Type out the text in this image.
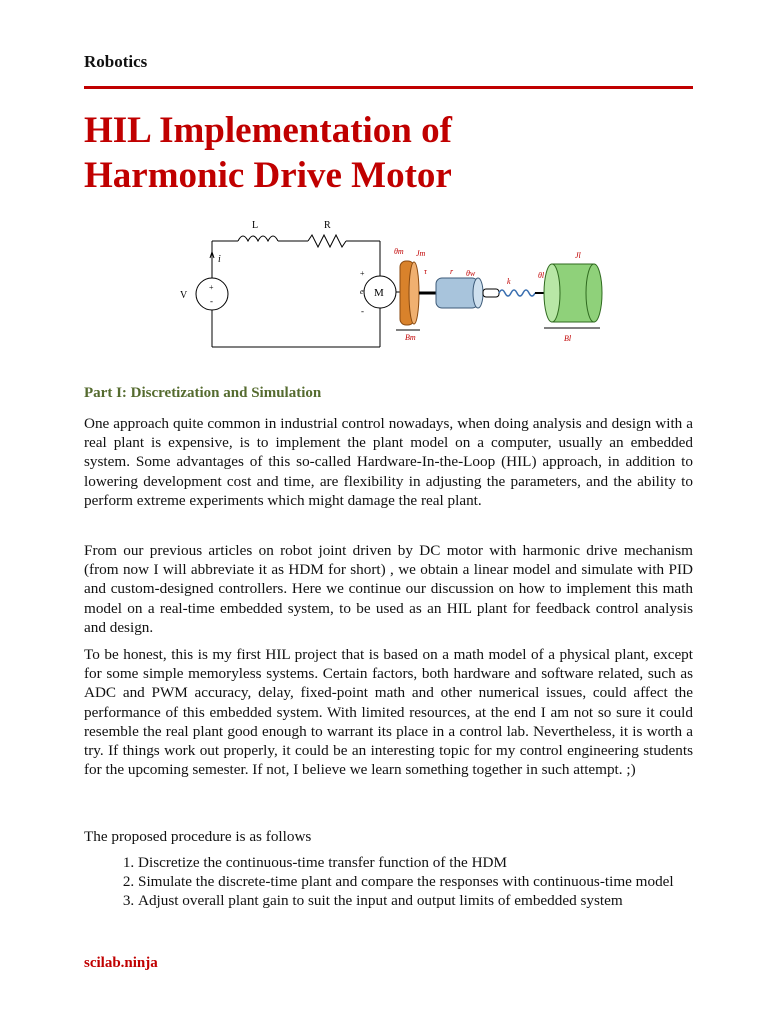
Robotics
HIL Implementation of
Harmonic Drive Motor
L	R
i
V
+
-
+
e
-
M
θm Jm
τ	r θw
k
θl
Jl
Bm	Bl
Part I: Discretization and Simulation

One approach quite common in industrial control nowadays, when doing analysis and design with a real plant is expensive, is to implement the plant model on a computer, usually an embedded system. Some advantages of this so-called Hardware-In-the-Loop (HIL) approach, in addition to lowering development cost and time, are flexibility in adjusting the parameters, and the ability to perform extreme experiments which might damage the real plant.

From our previous articles on robot joint driven by DC motor with harmonic drive mechanism (from now I will abbreviate it as HDM for short) , we obtain a linear model and simulate with PID and custom-designed controllers. Here we continue our discussion on how to implement this math model on a real-time embedded system, to be used as an HIL plant for feedback control analysis and design.

To be honest, this is my first HIL project that is based on a math model of a physical plant, except for some simple memoryless systems. Certain factors, both hardware and software related, such as ADC and PWM accuracy, delay, fixed-point math and other numerical issues, could affect the performance of this embedded system. With limited resources, at the end I am not so sure it could resemble the real plant good enough to warrant its place in a control lab. Nevertheless, it is worth a try. If things work out properly, it could be an interesting topic for my control engineering students for the upcoming semester. If not, I believe we learn something together in such attempt. ;)

The proposed procedure is as follows

1. Discretize the continuous-time transfer function of the HDM
2. Simulate the discrete-time plant and compare the responses with continuous-time model
3. Adjust overall plant gain to suit the input and output limits of embedded system
scilab.ninja
